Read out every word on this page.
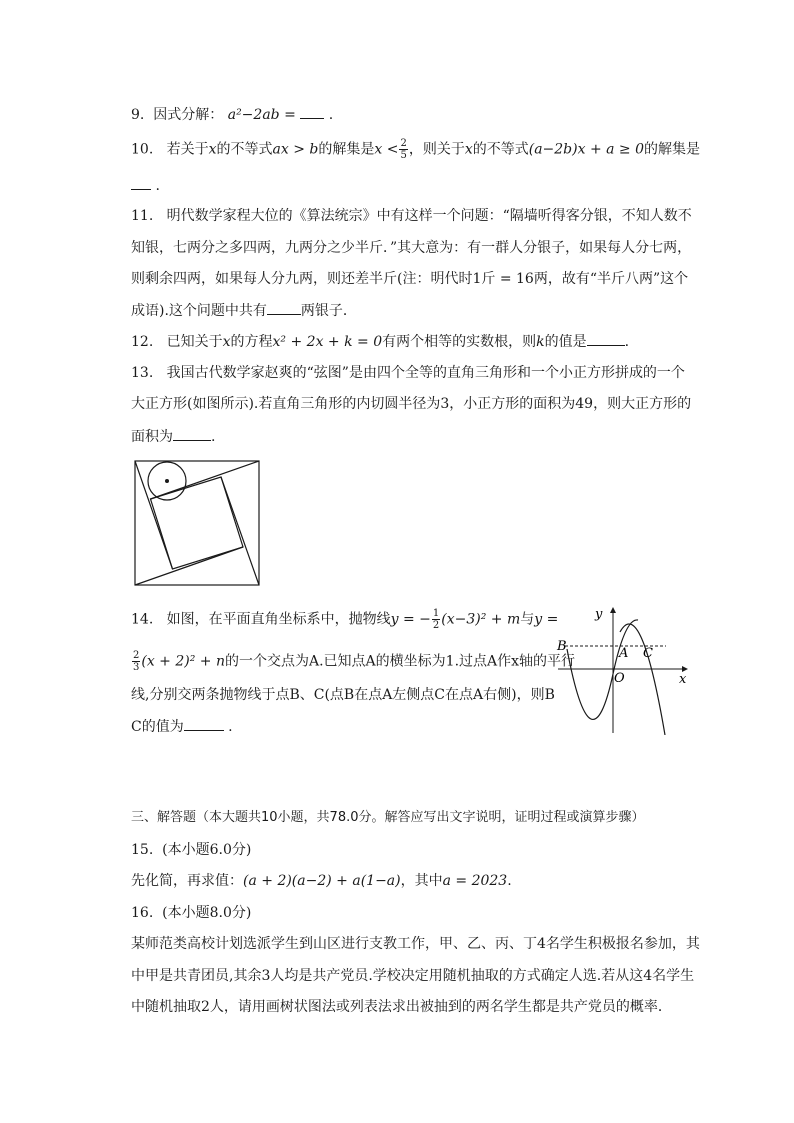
9. 因式分解： a²−2ab = .
10. 若关于x的不等式ax > b的解集是$x < \frac{2}{5}$ ，则关于x的不等式(a−2b)x + a ≥ 0的解集是
.
11. 明代数学家程大位的《算法统宗》中有这样一个问题：“隔墙听得客分银，不知人数不
知银，七两分之多四两，九两分之少半斤．”其大意为：有一群人分银子，如果每人分七两，
则剩余四两，如果每人分九两，则还差半斤(注：明代时1斤 = 16两，故有“半斤八两”这个
成语).这个问题中共有 两银子．
12. 已知关于x的方程x² + 2x + k = 0有两个相等的实数根，则k的值是	.
13. 我国古代数学家赵爽的“弦图”是由四个全等的直角三角形和一个小正方形拼成的一个
大正方形(如图所示).若直角三角形的内切圆半径为3，小正方形的面积为49，则大正方形的
面积为	.
14. 如图，在平面直角坐标系中，抛物线y = − $\frac{1}{2} (x-3)^2 + m$与y =
$\frac{2}{3} (x + 2)^2 + n$的一个交点为A.已知点A的横坐标为1.过点A作x轴的平行
线,分别交两条抛物线于点B、C(点B在点A左侧点C在点A右侧)，则B
C的值为	.
y
x
B	A C
O
三、解答题（本大题共10小题，共78.0分。解答应写出文字说明，证明过程或演算步骤）
15. (本小题6.0分)
先化简，再求值：(a + 2)(a−2) + a(1−a)，其中a = 2023.
16. (本小题8.0分)
某师范类高校计划选派学生到山区进行支教工作，甲、乙、丙、丁4名学生积极报名参加，其
中甲是共青团员,其余3人均是共产党员.学校决定用随机抽取的方式确定人选.若从这4名学生
中随机抽取2人，请用画树状图法或列表法求出被抽到的两名学生都是共产党员的概率．
